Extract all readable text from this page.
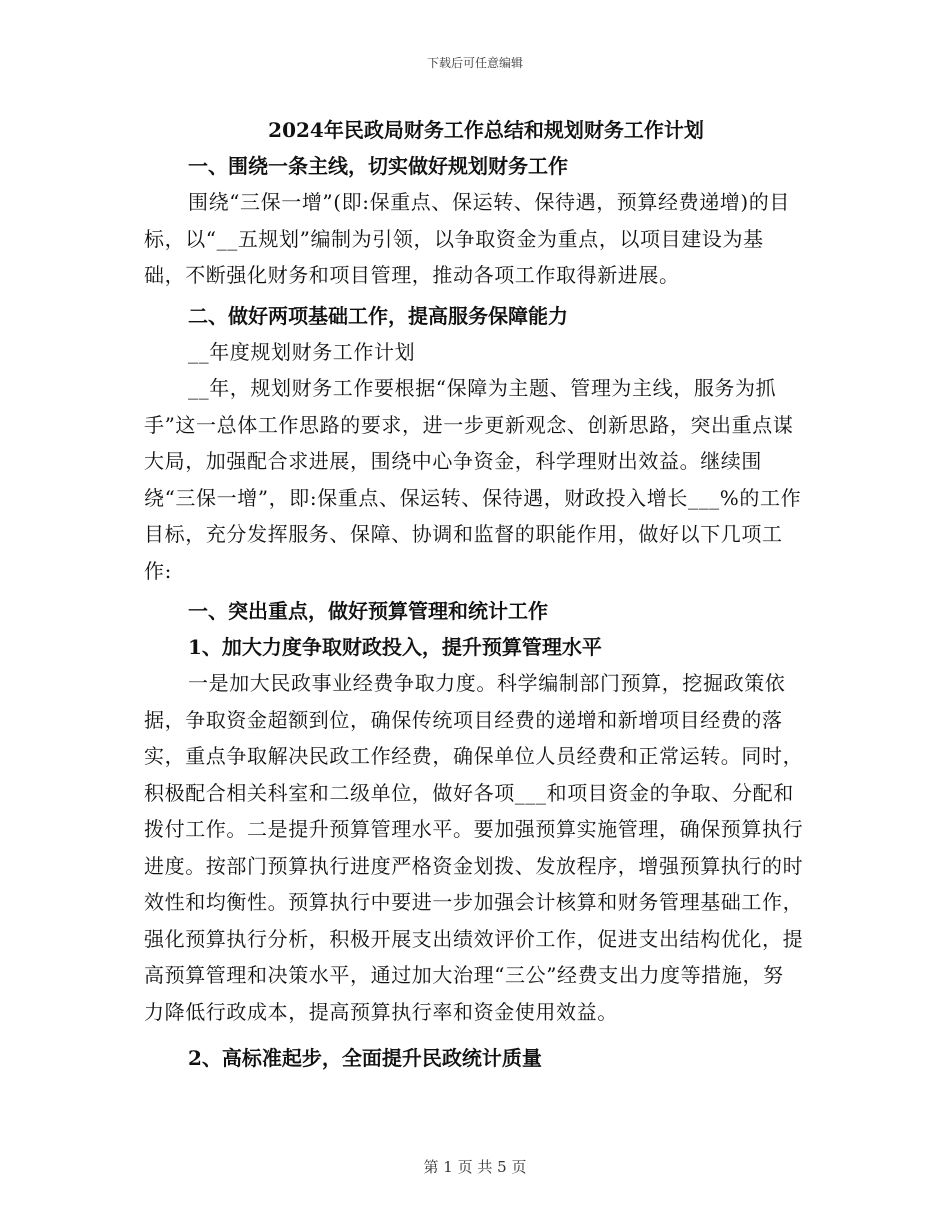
下载后可任意编辑
2024年民政局财务工作总结和规划财务工作计划
一、围绕一条主线，切实做好规划财务工作

围绕“三保一增”(即:保重点、保运转、保待遇，预算经费递增)的目标，以“__五规划”编制为引领，以争取资金为重点，以项目建设为基础，不断强化财务和项目管理，推动各项工作取得新进展。

二、做好两项基础工作，提高服务保障能力

__年度规划财务工作计划

__年，规划财务工作要根据“保障为主题、管理为主线，服务为抓手”这一总体工作思路的要求，进一步更新观念、创新思路，突出重点谋大局，加强配合求进展，围绕中心争资金，科学理财出效益。继续围绕“三保一增”，即:保重点、保运转、保待遇，财政投入增长___%的工作目标，充分发挥服务、保障、协调和监督的职能作用，做好以下几项工作:

一、突出重点，做好预算管理和统计工作
1、加大力度争取财政投入，提升预算管理水平

一是加大民政事业经费争取力度。科学编制部门预算，挖掘政策依据，争取资金超额到位，确保传统项目经费的递增和新增项目经费的落实，重点争取解决民政工作经费，确保单位人员经费和正常运转。同时，积极配合相关科室和二级单位，做好各项___和项目资金的争取、分配和拨付工作。二是提升预算管理水平。要加强预算实施管理，确保预算执行进度。按部门预算执行进度严格资金划拨、发放程序，增强预算执行的时效性和均衡性。预算执行中要进一步加强会计核算和财务管理基础工作，强化预算执行分析，积极开展支出绩效评价工作，促进支出结构优化，提高预算管理和决策水平，通过加大治理“三公”经费支出力度等措施，努力降低行政成本，提高预算执行率和资金使用效益。

2、高标准起步，全面提升民政统计质量
第 1 页 共 5 页
